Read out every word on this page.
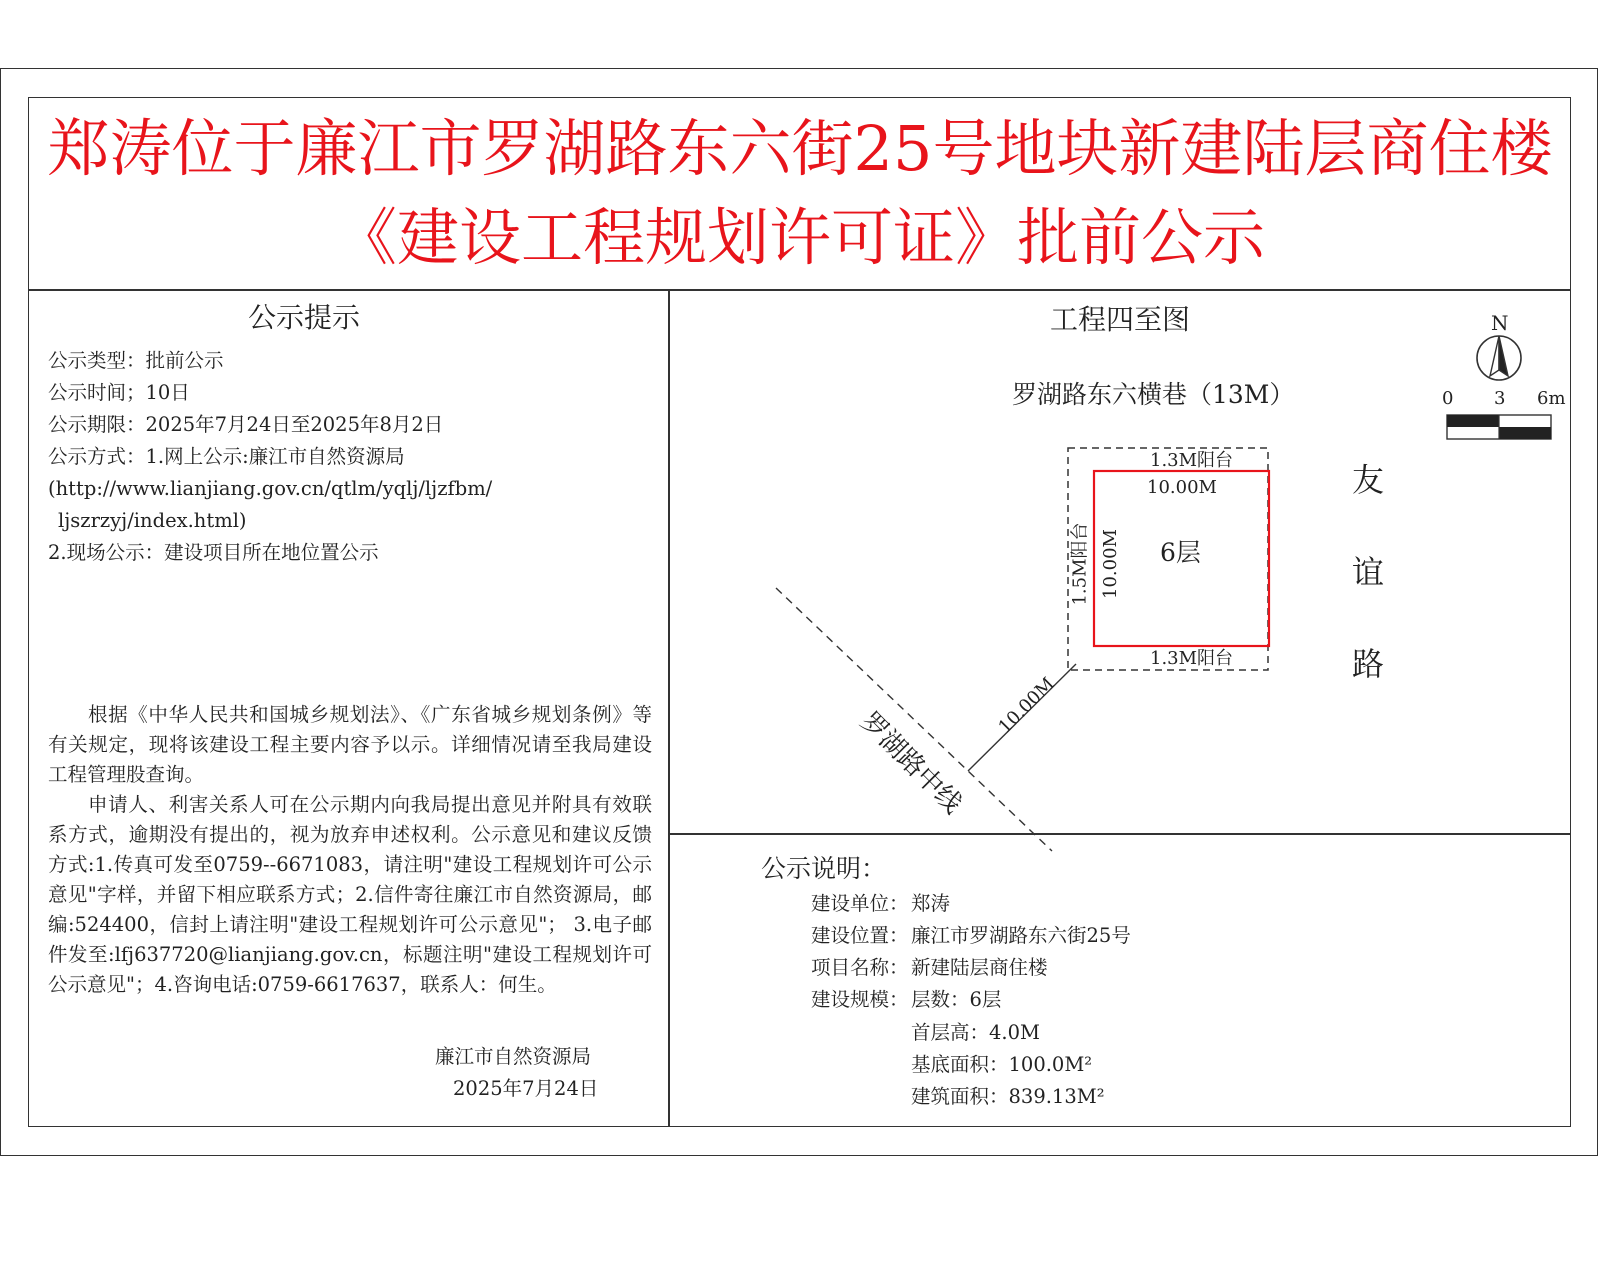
郑涛位于廉江市罗湖路东六街25号地块新建陆层商住楼
《建设工程规划许可证》批前公示
公示提示
公示类型：批前公示
公示时间；10日
公示期限：2025年7月24日至2025年8月2日
公示方式：1.网上公示:廉江市自然资源局
(http://www.lianjiang.gov.cn/qtlm/yqlj/ljzfbm/
ljszrzyj/index.html)
2.现场公示：建设项目所在地位置公示
根据《中华人民共和国城乡规划法》、《广东省城乡规划条例》等有关规定，现将该建设工程主要内容予以示。详细情况请至我局建设工程管理股查询。
申请人、利害关系人可在公示期内向我局提出意见并附具有效联系方式，逾期没有提出的，视为放弃申述权利。公示意见和建议反馈方式:1.传真可发至0759--6671083，请注明"建设工程规划许可公示意见"字样，并留下相应联系方式；2.信件寄往廉江市自然资源局，邮编:524400，信封上请注明"建设工程规划许可公示意见"； 3.电子邮件发至:lfj637720@lianjiang.gov.cn，标题注明"建设工程规划许可公示意见"；4.咨询电话:0759-6617637，联系人：何生。
廉江市自然资源局
2025年7月24日
工程四至图
罗湖路东六横巷（13M）
N
0 3 6m
1.3M阳台
10.00M
1.3M阳台
6层
1.5M阳台 10.00M
10.00M
罗湖路中线
友
谊
路
公示说明：
建设单位： 郑涛
建设位置： 廉江市罗湖路东六街25号
项目名称： 新建陆层商住楼
建设规模： 层数：6层
首层高：4.0M
基底面积：100.0M²
建筑面积：839.13M²
